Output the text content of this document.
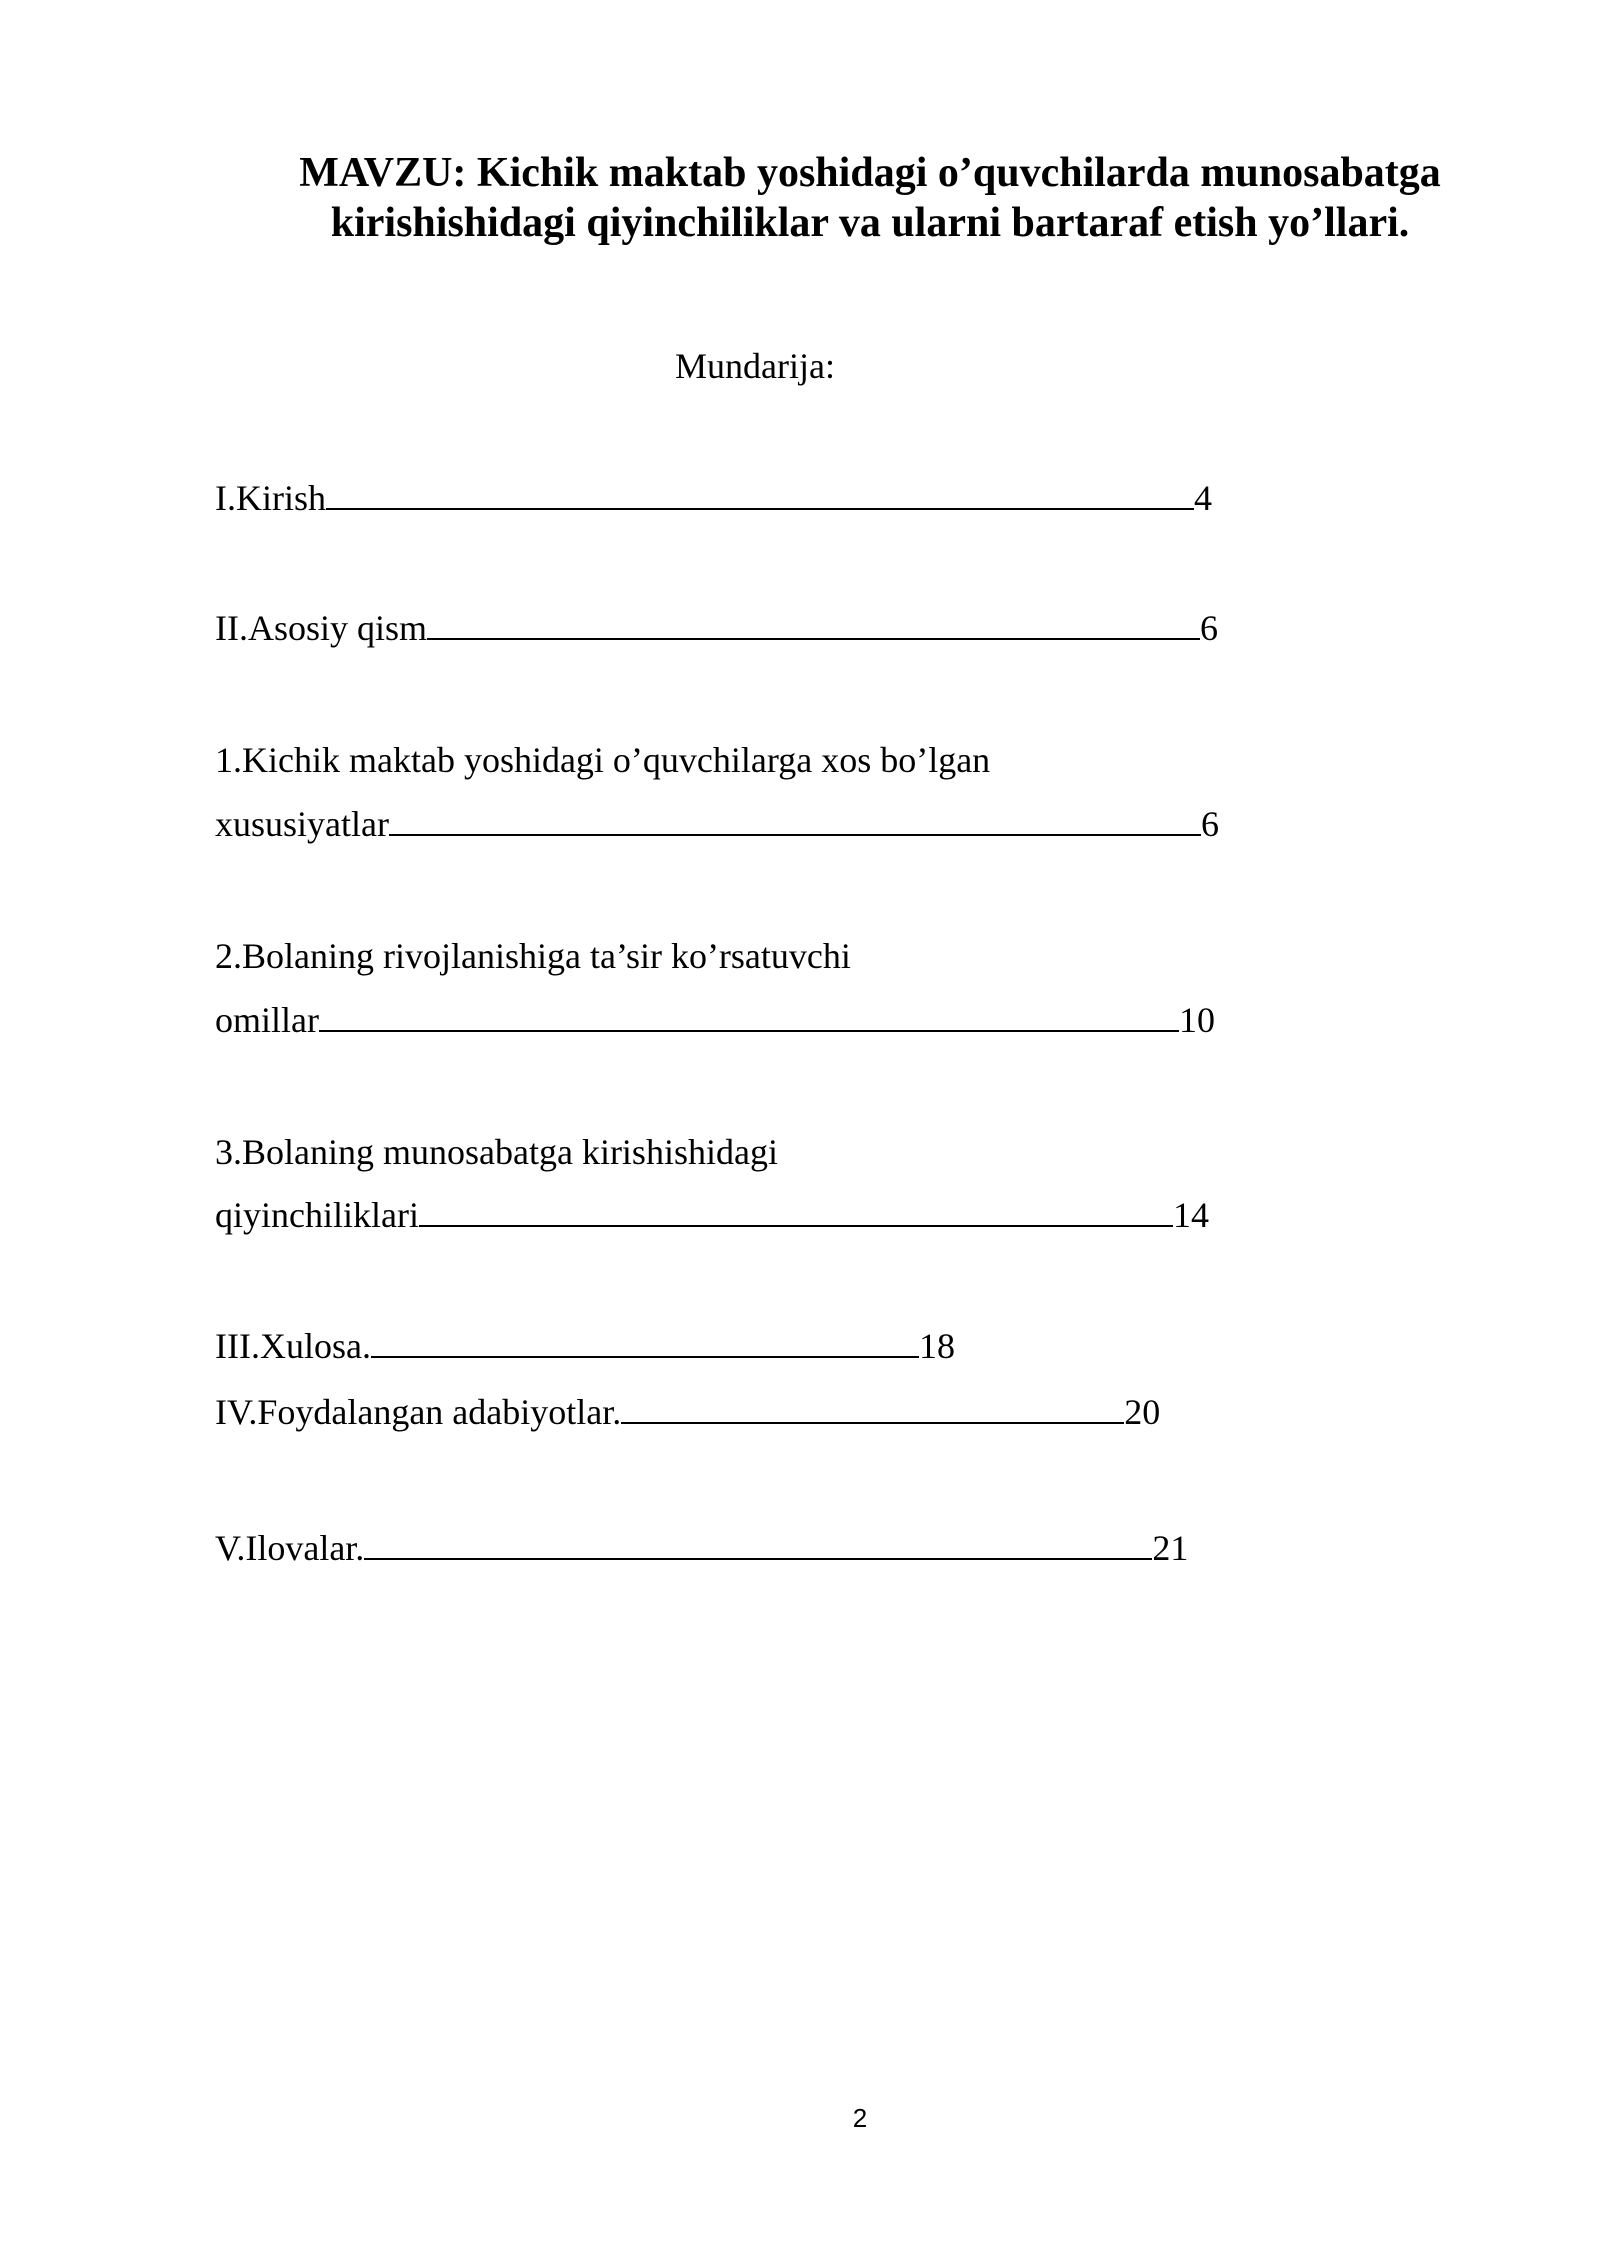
MAVZU: Kichik maktab yoshidagi o’quvchilarda munosabatga
kirishishidagi qiyinchiliklar va ularni bartaraf etish yo’llari.
Mundarija:
I.Kirish	4
II.Asosiy qism	6
1.Kichik maktab yoshidagi o’quvchilarga xos bo’lgan
xususiyatlar	6
2.Bolaning rivojlanishiga ta’sir ko’rsatuvchi
omillar	10
3.Bolaning munosabatga kirishishidagi
qiyinchiliklari	14
III.Xulosa.	18
IV.Foydalangan adabiyotlar.	20
V.Ilovalar.	21
2
